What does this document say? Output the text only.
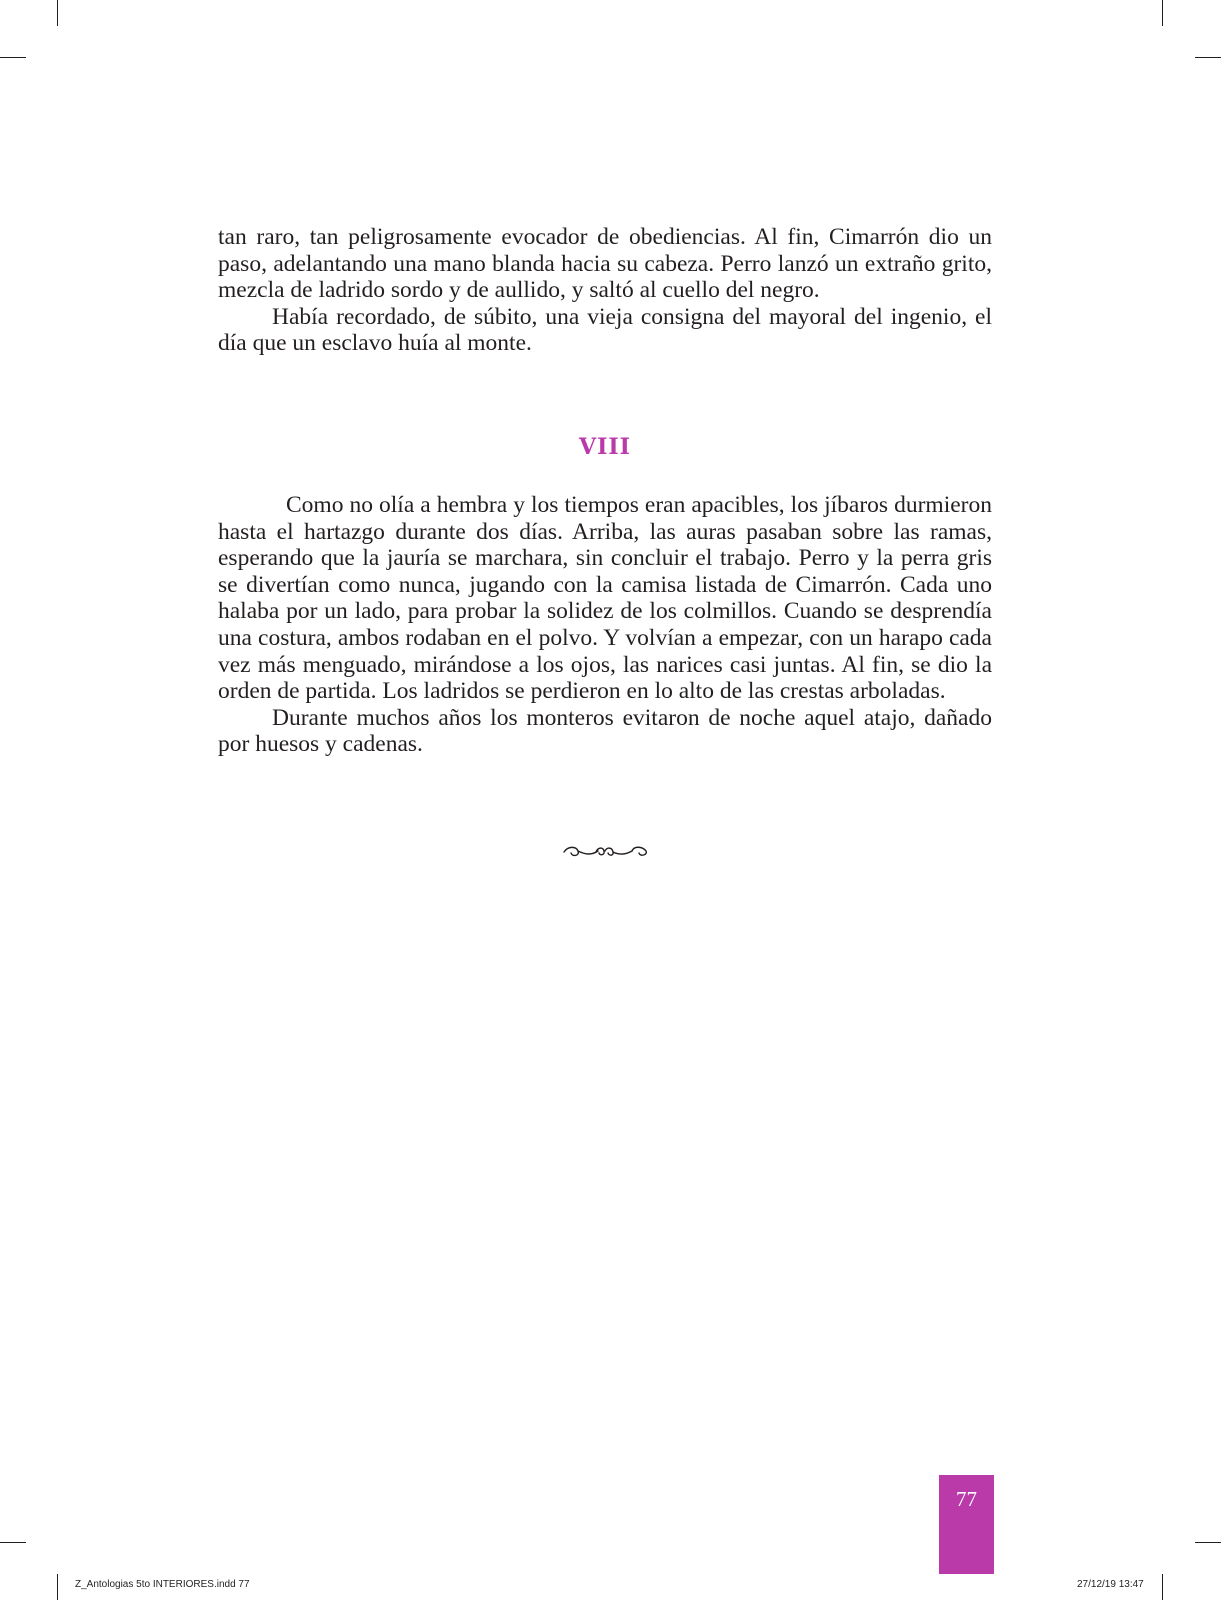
tan raro, tan peligrosamente evocador de obediencias. Al fin, Cimarrón dio un paso, adelantando una mano blanda hacia su cabeza. Perro lanzó un extraño grito, mezcla de ladrido sordo y de aullido, y saltó al cuello del negro.

Había recordado, de súbito, una vieja consigna del mayoral del ingenio, el día que un esclavo huía al monte.

VIII

Como no olía a hembra y los tiempos eran apacibles, los jíbaros durmieron hasta el hartazgo durante dos días. Arriba, las auras pasaban sobre las ramas, esperando que la jauría se marchara, sin concluir el trabajo. Perro y la perra gris se divertían como nunca, jugando con la camisa listada de Cimarrón. Cada uno halaba por un lado, para probar la solidez de los colmillos. Cuando se desprendía una costura, ambos rodaban en el polvo. Y volvían a empezar, con un harapo cada vez más menguado, mirándose a los ojos, las narices casi juntas. Al fin, se dio la orden de partida. Los ladridos se perdieron en lo alto de las crestas arboladas.

Durante muchos años los monteros evitaron de noche aquel atajo, dañado por huesos y cadenas.

77
Z_Antologias 5to INTERIORES.indd 77	27/12/19 13:47
